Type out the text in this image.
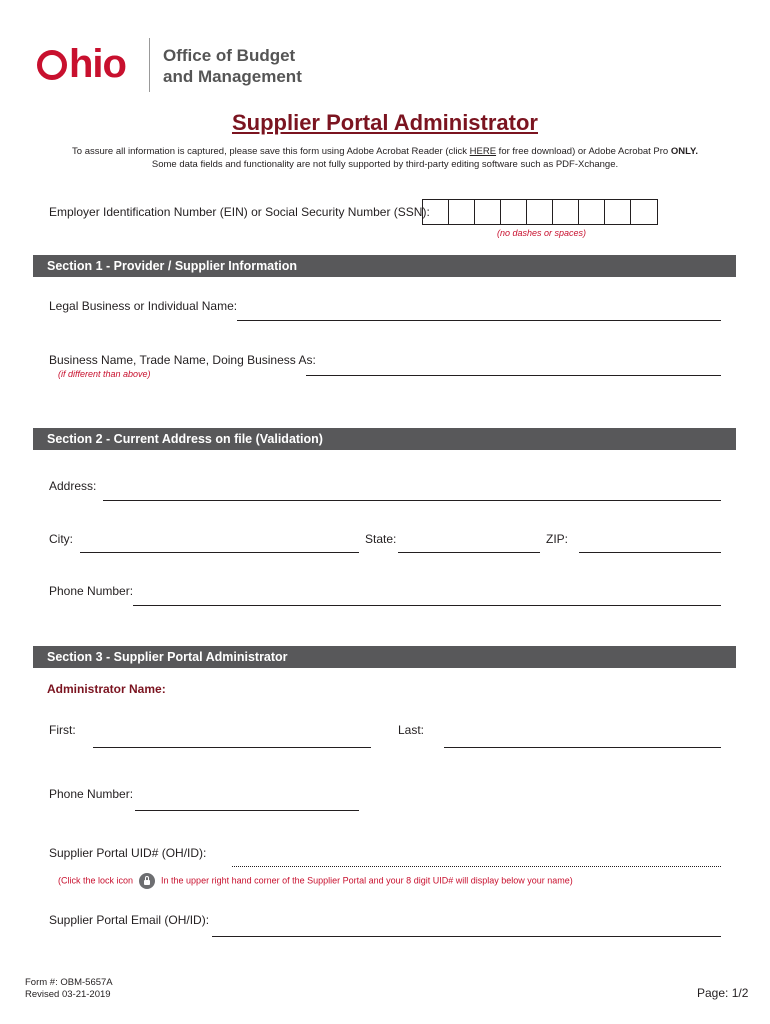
hio Office of Budget
and Management
Supplier Portal Administrator
To assure all information is captured, please save this form using Adobe Acrobat Reader (click HERE for free download) or Adobe Acrobat Pro ONLY.
Some data fields and functionality are not fully supported by third-party editing software such as PDF-Xchange.
Employer Identification Number (EIN) or Social Security Number (SSN):
(no dashes or spaces)
Section 1 - Provider / Supplier Information
Legal Business or Individual Name:
Business Name, Trade Name, Doing Business As:
(if different than above)
Section 2 - Current Address on file (Validation)
Address:
City:	State:	ZIP:
Phone Number:
Section 3 - Supplier Portal Administrator
Administrator Name:
First:	Last:
Phone Number:
Supplier Portal UID# (OH/ID):
(Click the lock icon	In the upper right hand corner of the Supplier Portal and your 8 digit UID# will display below your name)
Supplier Portal Email (OH/ID):
Form #: OBM-5657A
Revised 03-21-2019	Page: 1/2
